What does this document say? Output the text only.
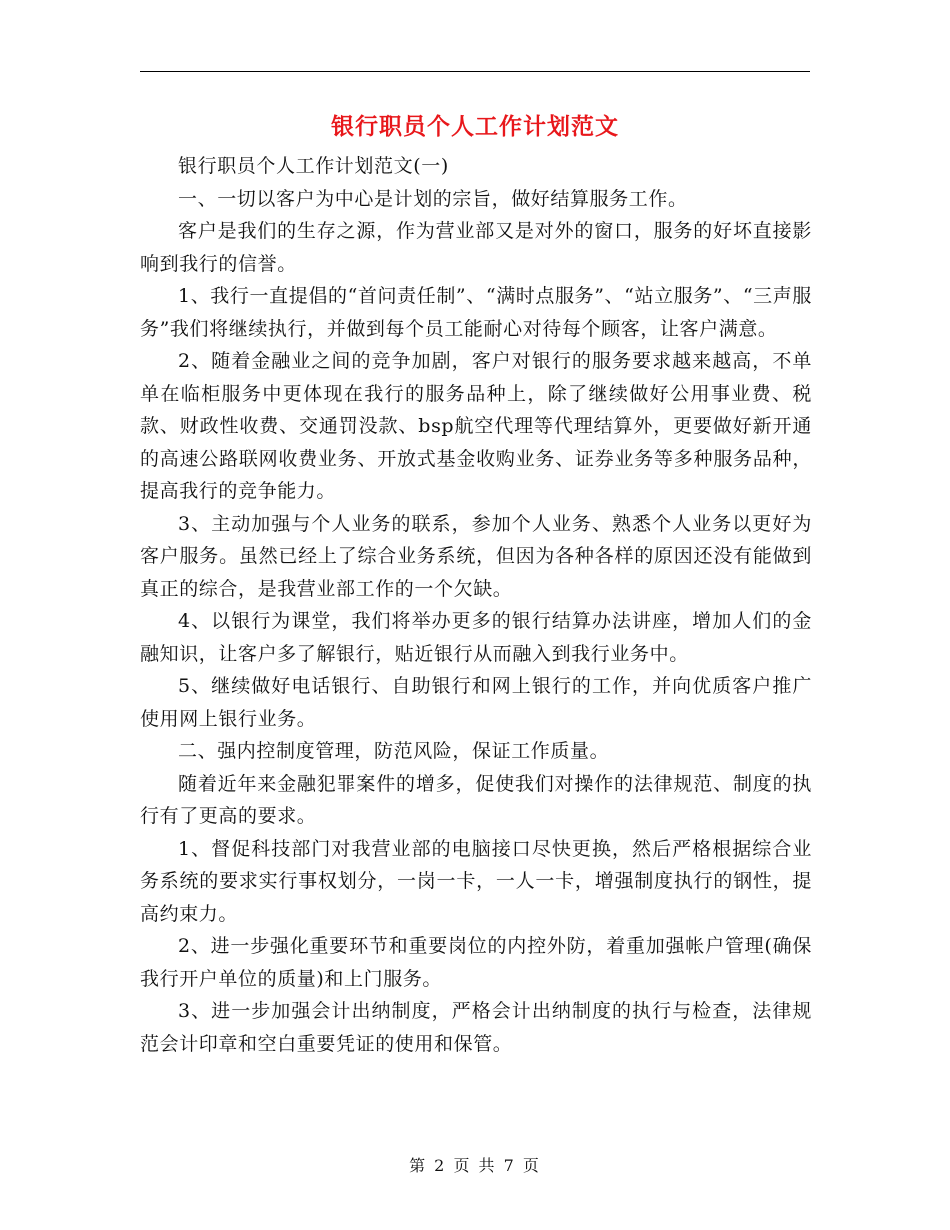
银行职员个人工作计划范文

银行职员个人工作计划范文(一)

一、一切以客户为中心是计划的宗旨，做好结算服务工作。

客户是我们的生存之源，作为营业部又是对外的窗口，服务的好坏直接影响到我行的信誉。

1、我行一直提倡的“首问责任制”、“满时点服务”、“站立服务”、“三声服务”我们将继续执行，并做到每个员工能耐心对待每个顾客，让客户满意。

2、随着金融业之间的竞争加剧，客户对银行的服务要求越来越高，不单单在临柜服务中更体现在我行的服务品种上，除了继续做好公用事业费、税款、财政性收费、交通罚没款、bsp航空代理等代理结算外，更要做好新开通的高速公路联网收费业务、开放式基金收购业务、证券业务等多种服务品种，提高我行的竞争能力。

3、主动加强与个人业务的联系，参加个人业务、熟悉个人业务以更好为客户服务。虽然已经上了综合业务系统，但因为各种各样的原因还没有能做到真正的综合，是我营业部工作的一个欠缺。

4、以银行为课堂，我们将举办更多的银行结算办法讲座，增加人们的金融知识，让客户多了解银行，贴近银行从而融入到我行业务中。

5、继续做好电话银行、自助银行和网上银行的工作，并向优质客户推广使用网上银行业务。

二、强内控制度管理，防范风险，保证工作质量。

随着近年来金融犯罪案件的增多，促使我们对操作的法律规范、制度的执行有了更高的要求。

1、督促科技部门对我营业部的电脑接口尽快更换，然后严格根据综合业务系统的要求实行事权划分，一岗一卡，一人一卡，增强制度执行的钢性，提高约束力。

2、进一步强化重要环节和重要岗位的内控外防，着重加强帐户管理(确保我行开户单位的质量)和上门服务。

3、进一步加强会计出纳制度，严格会计出纳制度的执行与检查，法律规范会计印章和空白重要凭证的使用和保管。

第 2 页 共 7 页
